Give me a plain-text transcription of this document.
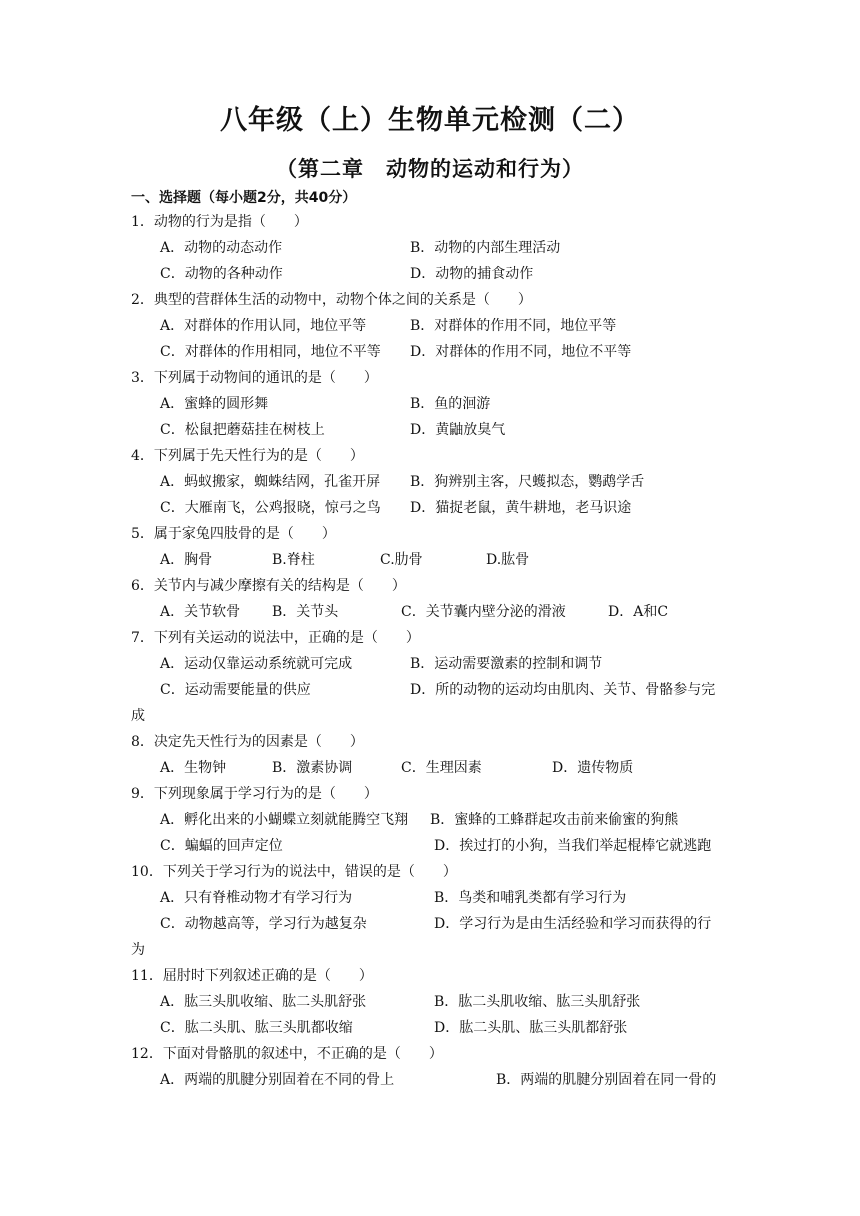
八年级（上）生物单元检测（二）
（第二章　动物的运动和行为）
一、选择题（每小题2分，共40分）
1．动物的行为是指（　　）
A．动物的动态动作	B．动物的内部生理活动
C．动物的各种动作	D．动物的捕食动作
2．典型的营群体生活的动物中，动物个体之间的关系是（　　）
A．对群体的作用认同，地位平等	B．对群体的作用不同，地位平等
C．对群体的作用相同，地位不平等 D．对群体的作用不同，地位不平等
3．下列属于动物间的通讯的是（　　）
A．蜜蜂的圆形舞	B．鱼的洄游
C．松鼠把蘑菇挂在树枝上	D．黄鼬放臭气
4．下列属于先天性行为的是（　　）
A．蚂蚁搬家，蜘蛛结网，孔雀开屏 B．狗辨别主客，尺蠖拟态，鹦鹉学舌
C．大雁南飞，公鸡报晓，惊弓之鸟 D．猫捉老鼠，黄牛耕地，老马识途
5．属于家兔四肢骨的是（　　）
A．胸骨	B.脊柱	C.肋骨	D.肱骨
6．关节内与减少摩擦有关的结构是（　　）
A．关节软骨 B．关节头	C．关节囊内壁分泌的滑液	D．A和C
7．下列有关运动的说法中，正确的是（　　）
A．运动仅靠运动系统就可完成	B．运动需要激素的控制和调节
C．运动需要能量的供应	D．所的动物的运动均由肌肉、关节、骨骼参与完
成
8．决定先天性行为的因素是（　　）
A．生物钟	B．激素协调	C．生理因素	D．遗传物质
9．下列现象属于学习行为的是（　　）
A．孵化出来的小蝴蝶立刻就能腾空飞翔 B．蜜蜂的工蜂群起攻击前来偷蜜的狗熊
C．蝙蝠的回声定位	D．挨过打的小狗，当我们举起棍棒它就逃跑
10．下列关于学习行为的说法中，错误的是（　　）
A．只有脊椎动物才有学习行为	B．鸟类和哺乳类都有学习行为
C．动物越高等，学习行为越复杂	D．学习行为是由生活经验和学习而获得的行
为
11．屈肘时下列叙述正确的是（　　）
A．肱三头肌收缩、肱二头肌舒张	B．肱二头肌收缩、肱三头肌舒张
C．肱二头肌、肱三头肌都收缩	D．肱二头肌、肱三头肌都舒张
12．下面对骨骼肌的叙述中，不正确的是（　　）
A．两端的肌腱分别固着在不同的骨上	B．两端的肌腱分别固着在同一骨的
